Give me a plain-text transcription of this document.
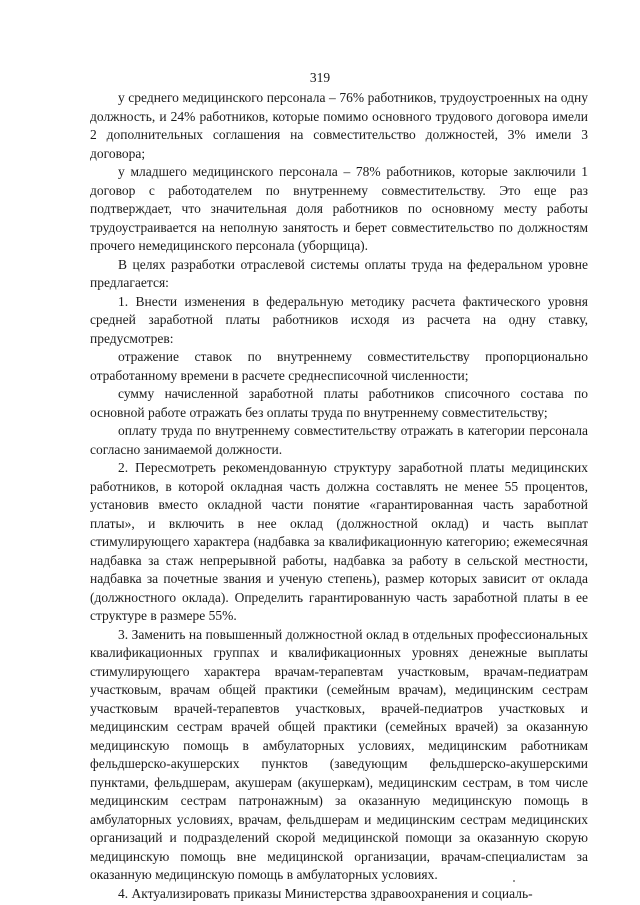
319

у среднего медицинского персонала – 76% работников, трудоустроенных на одну должность, и 24% работников, которые помимо основного трудового договора имели 2 дополнительных соглашения на совместительство должностей, 3% имели 3 договора;

у младшего медицинского персонала – 78% работников, которые заключили 1 договор с работодателем по внутреннему совместительству. Это еще раз подтверждает, что значительная доля работников по основному месту работы трудоустраивается на неполную занятость и берет совместительство по должностям прочего немедицинского персонала (уборщица).

В целях разработки отраслевой системы оплаты труда на федеральном уровне предлагается:

1. Внести изменения в федеральную методику расчета фактического уровня средней заработной платы работников исходя из расчета на одну ставку, предусмотрев:

отражение ставок по внутреннему совместительству пропорционально отработанному времени в расчете среднесписочной численности;

сумму начисленной заработной платы работников списочного состава по основной работе отражать без оплаты труда по внутреннему совместительству;

оплату труда по внутреннему совместительству отражать в категории персонала согласно занимаемой должности.

2. Пересмотреть рекомендованную структуру заработной платы медицинских работников, в которой окладная часть должна составлять не менее 55 процентов, установив вместо окладной части понятие «гарантированная часть заработной платы», и включить в нее оклад (должностной оклад) и часть выплат стимулирующего характера (надбавка за квалификационную категорию; ежемесячная надбавка за стаж непрерывной работы, надбавка за работу в сельской местности, надбавка за почетные звания и ученую степень), размер которых зависит от оклада (должностного оклада). Определить гарантированную часть заработной платы в ее структуре в размере 55%.

3. Заменить на повышенный должностной оклад в отдельных профессиональных квалификационных группах и квалификационных уровнях денежные выплаты стимулирующего характера врачам-терапевтам участковым, врачам-педиатрам участковым, врачам общей практики (семейным врачам), медицинским сестрам участковым врачей-терапевтов участковых, врачей-педиатров участковых и медицинским сестрам врачей общей практики (семейных врачей) за оказанную медицинскую помощь в амбулаторных условиях, медицинским работникам фельдшерско-акушерских пунктов (заведующим фельдшерско-акушерскими пунктами, фельдшерам, акушерам (акушеркам), медицинским сестрам, в том числе медицинским сестрам патронажным) за оказанную медицинскую помощь в амбулаторных условиях, врачам, фельдшерам и медицинским сестрам медицинских организаций и подразделений скорой медицинской помощи за оказанную скорую медицинскую помощь вне медицинской организации, врачам-специалистам за оказанную медицинскую помощь в амбулаторных условиях.

4. Актуализировать приказы Министерства здравоохранения и социаль-
